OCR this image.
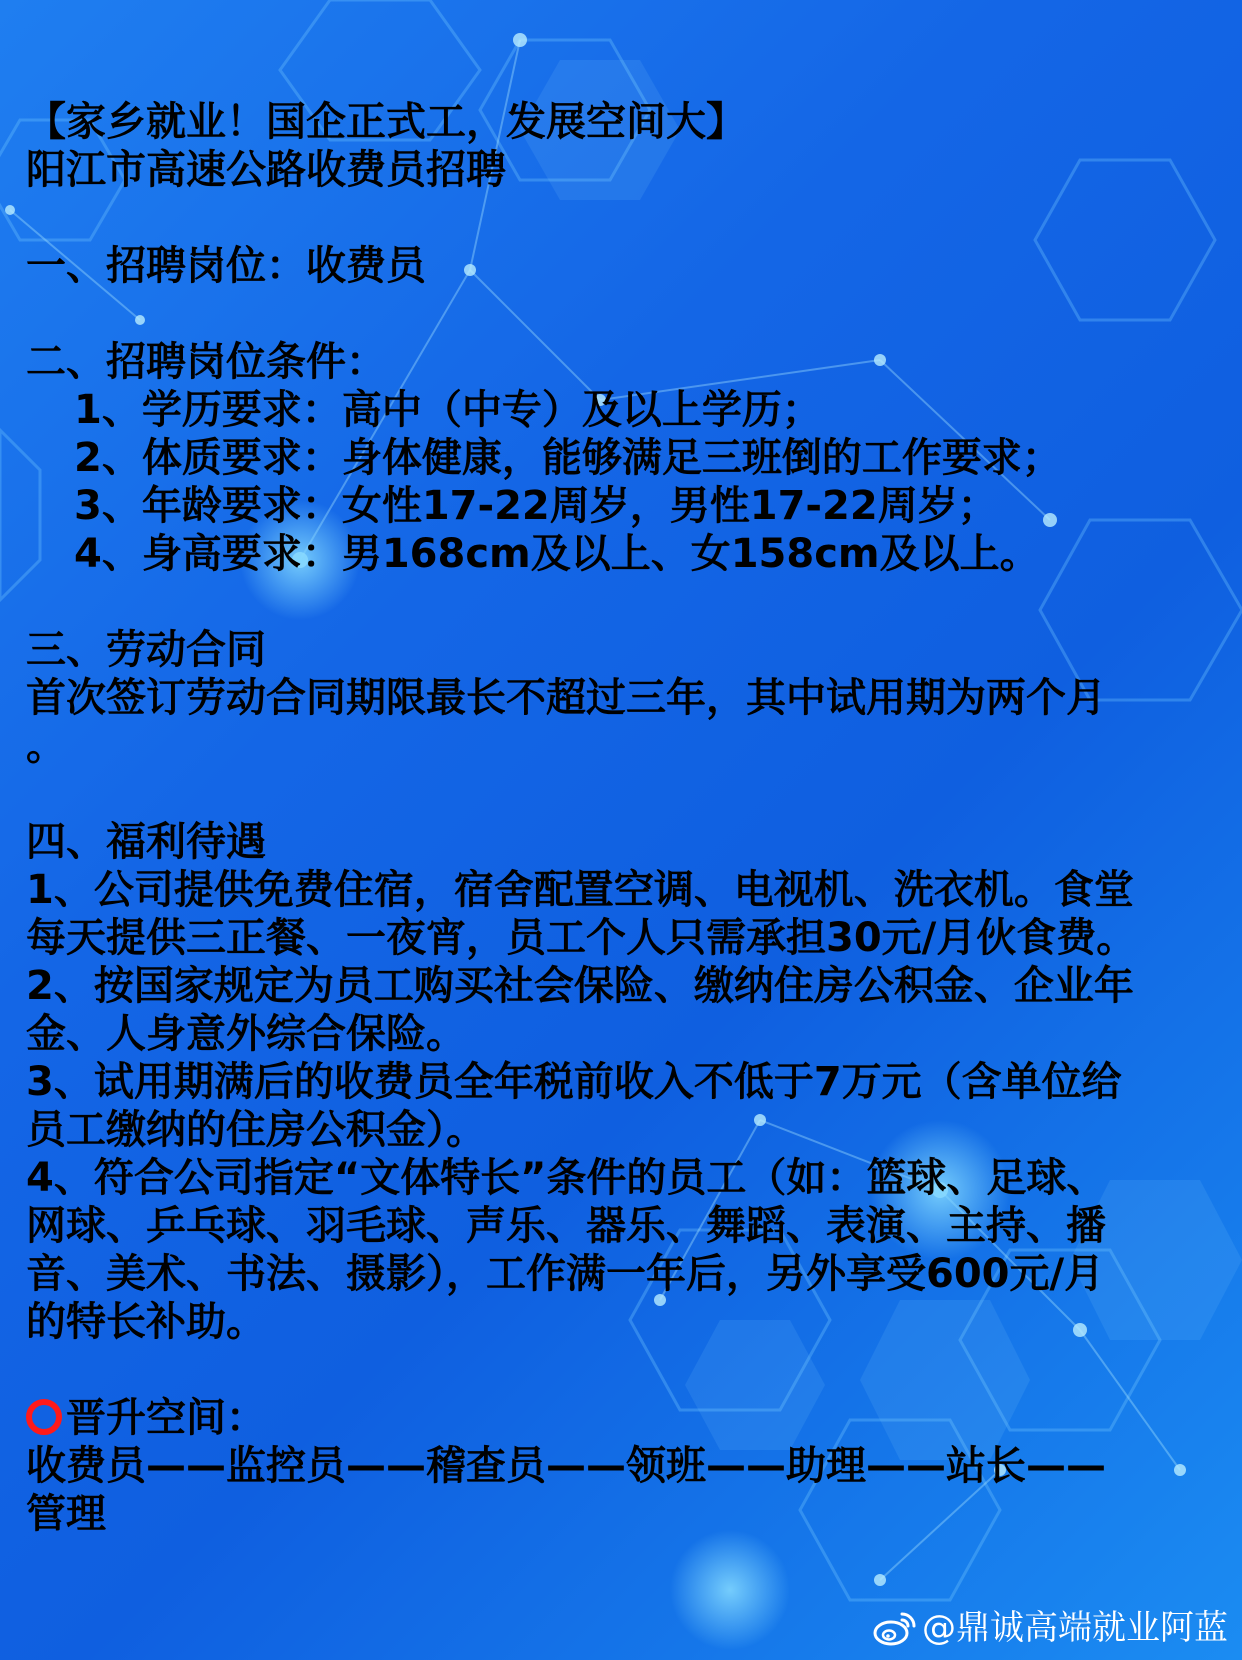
【家乡就业！国企正式工，发展空间大】

阳江市高速公路收费员招聘

一、招聘岗位：收费员

二、招聘岗位条件：

1、学历要求：高中（中专）及以上学历；

2、体质要求：身体健康，能够满足三班倒的工作要求；

3、年龄要求：女性17-22周岁，男性17-22周岁；

4、身高要求：男168cm及以上、女158cm及以上。

三、劳动合同

首次签订劳动合同期限最长不超过三年，其中试用期为两个月

。

四、福利待遇

1、公司提供免费住宿，宿舍配置空调、电视机、洗衣机。食堂

每天提供三正餐、一夜宵，员工个人只需承担30元/月伙食费。

2、按国家规定为员工购买社会保险、缴纳住房公积金、企业年

金、人身意外综合保险。

3、试用期满后的收费员全年税前收入不低于7万元（含单位给

员工缴纳的住房公积金）。

4、符合公司指定“文体特长”条件的员工（如：篮球、足球、

网球、乒乓球、羽毛球、声乐、器乐、舞蹈、表演、主持、播

音、美术、书法、摄影），工作满一年后，另外享受600元/月

的特长补助。

晋升空间：

收费员——监控员——稽查员——领班——助理——站长——

管理

@鼎诚高端就业阿蓝
